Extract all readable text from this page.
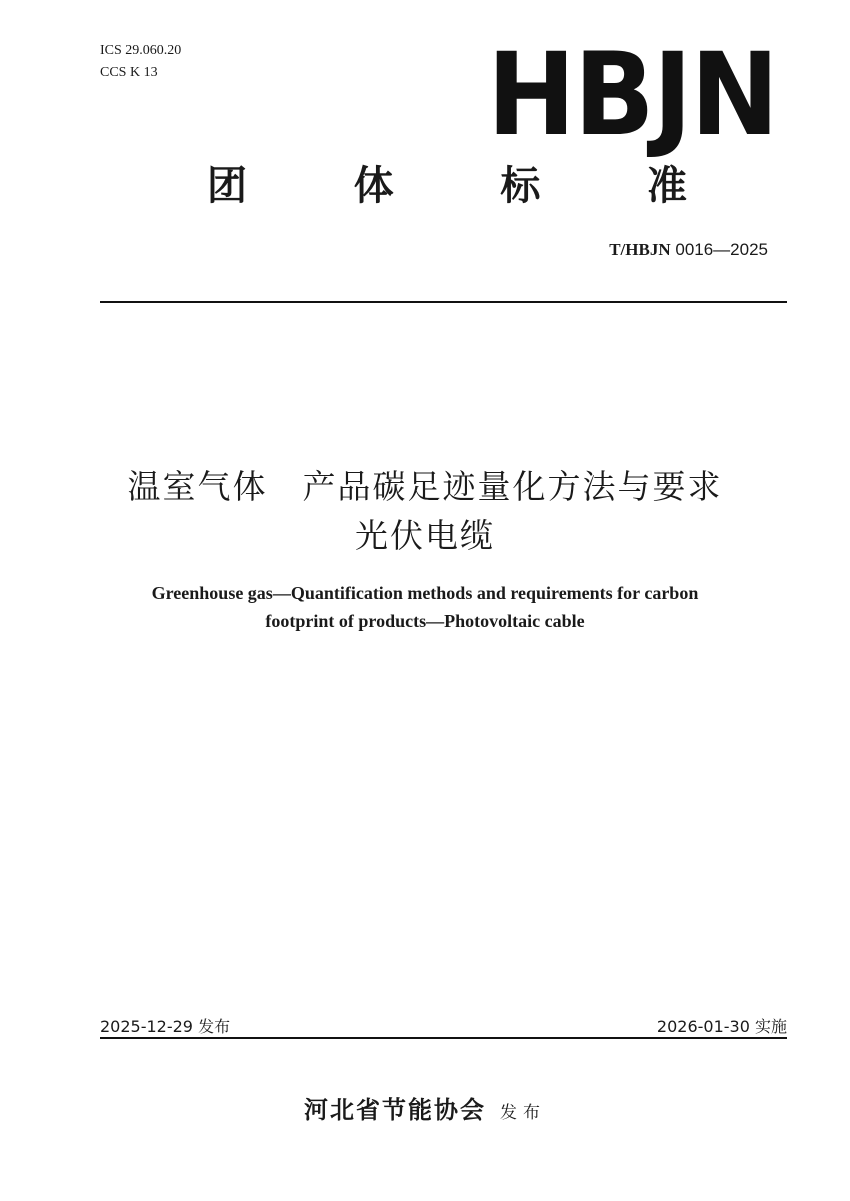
ICS 29.060.20
CCS K 13	HBJN
团	体	标	准
T/HBJN 0016—2025
温室气体　产品碳足迹量化方法与要求
光伏电缆
Greenhouse gas—Quantification methods and requirements for carbon
footprint of products—Photovoltaic cable
2025-12-29 发布	2026-01-30 实施
河北省节能协会 发布
